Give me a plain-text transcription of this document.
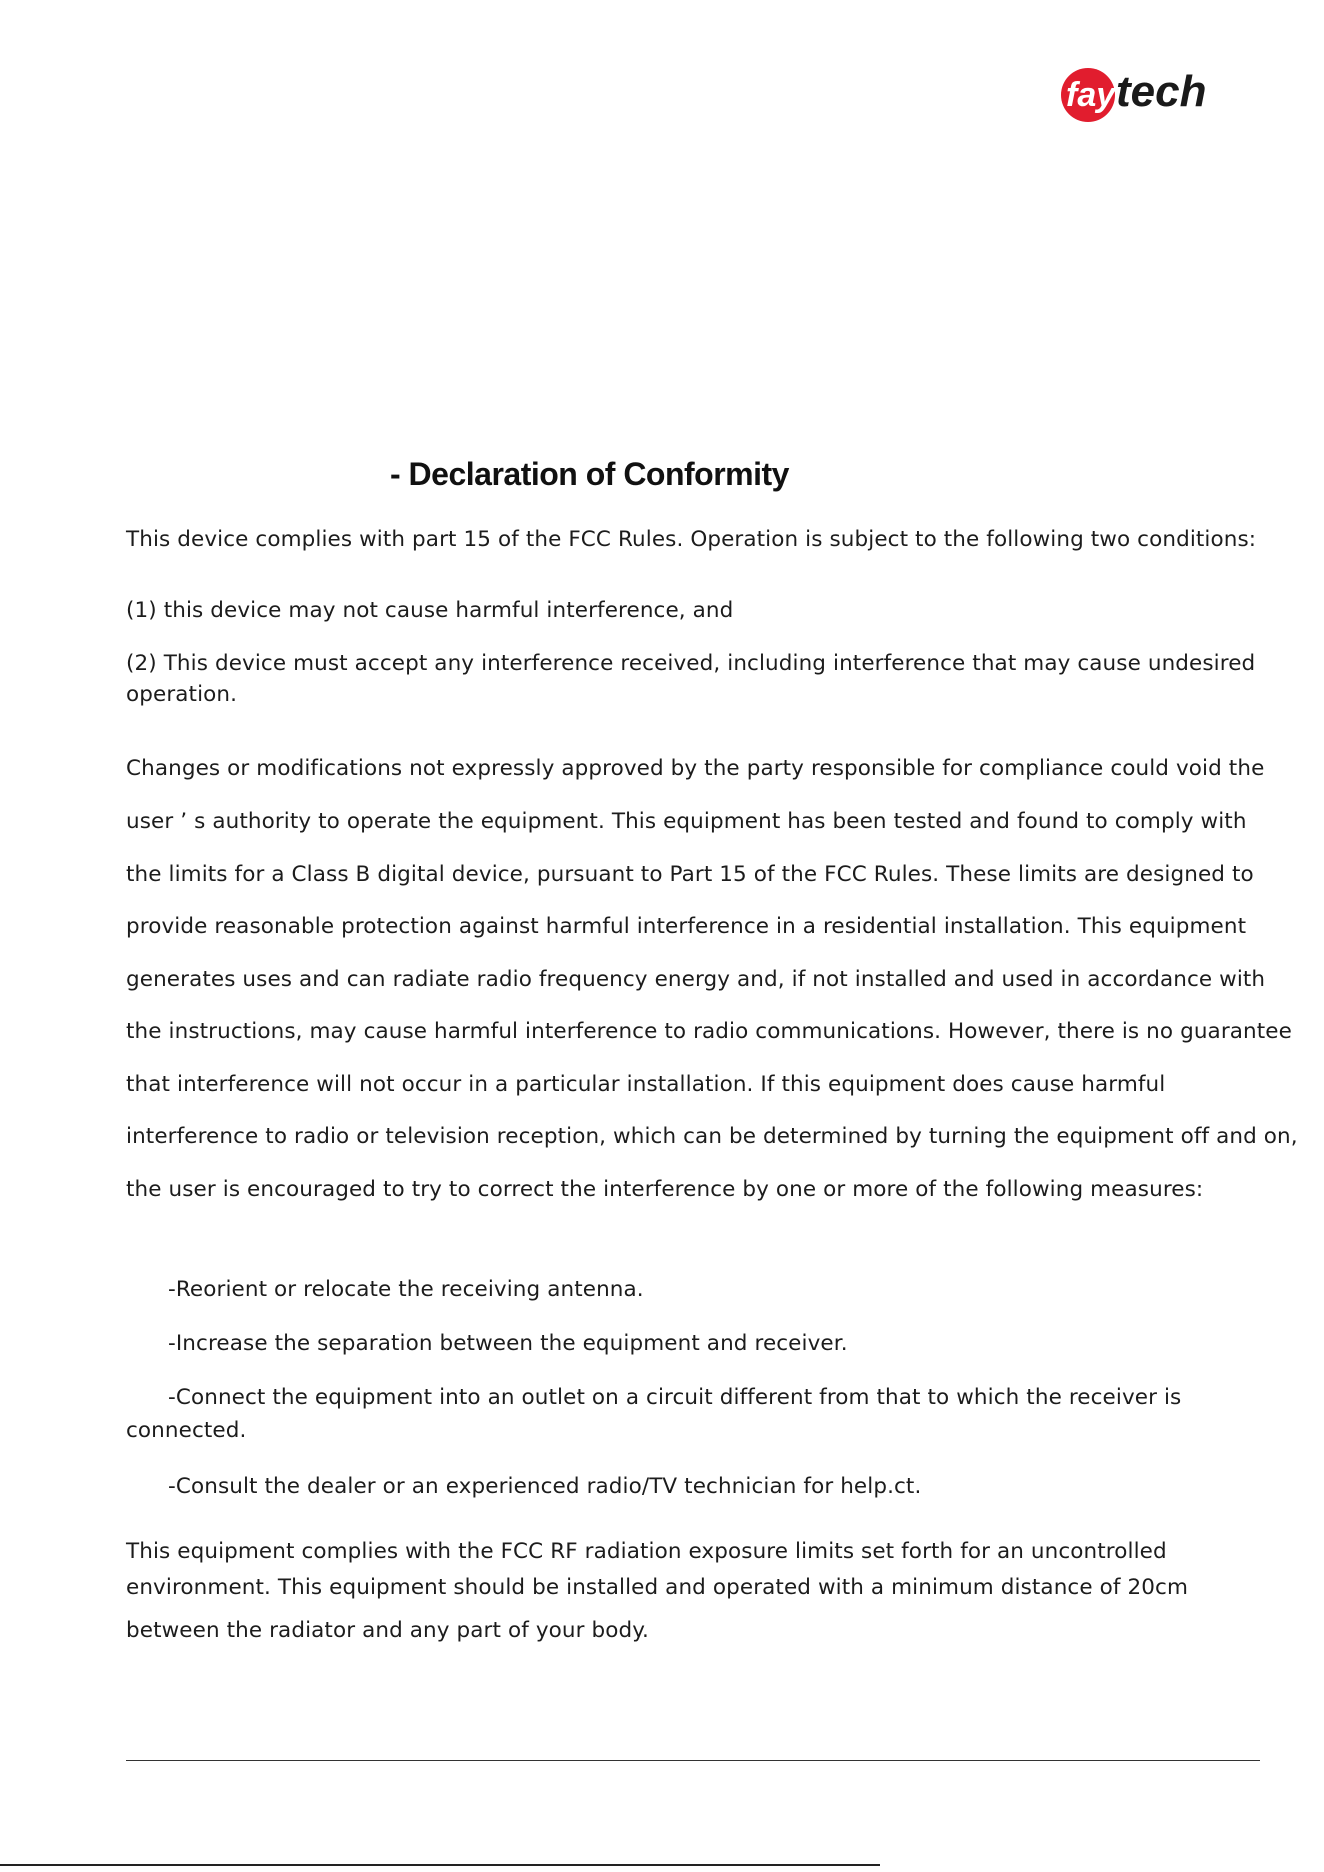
fay tech
- Declaration of Conformity
This device complies with part 15 of the FCC Rules. Operation is subject to the following two conditions:
(1) this device may not cause harmful interference, and
(2) This device must accept any interference received, including interference that may cause undesired
operation.
Changes or modifications not expressly approved by the party responsible for compliance could void the
user ’ s authority to operate the equipment. This equipment has been tested and found to comply with
the limits for a Class B digital device, pursuant to Part 15 of the FCC Rules. These limits are designed to
provide reasonable protection against harmful interference in a residential installation. This equipment
generates uses and can radiate radio frequency energy and, if not installed and used in accordance with
the instructions, may cause harmful interference to radio communications. However, there is no guarantee
that interference will not occur in a particular installation. If this equipment does cause harmful
interference to radio or television reception, which can be determined by turning the equipment off and on,
the user is encouraged to try to correct the interference by one or more of the following measures:
-Reorient or relocate the receiving antenna.
-Increase the separation between the equipment and receiver.
-Connect the equipment into an outlet on a circuit different from that to which the receiver is
connected.
-Consult the dealer or an experienced radio/TV technician for help.ct.
This equipment complies with the FCC RF radiation exposure limits set forth for an uncontrolled
environment. This equipment should be installed and operated with a minimum distance of 20cm
between the radiator and any part of your body.
